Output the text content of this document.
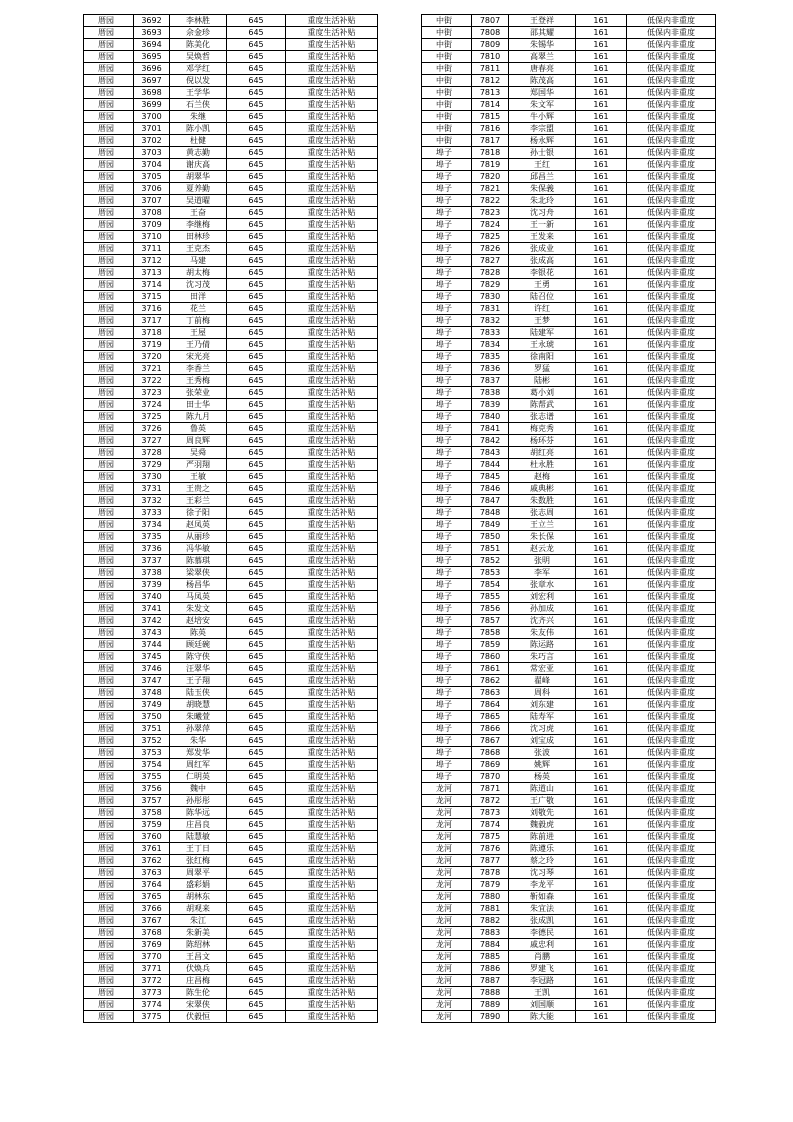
厝园	3692	李林胜	645	重度生活补贴
厝园	3693	佘金珍	645	重度生活补贴
厝园	3694	陈美化	645	重度生活补贴
厝园	3695	吴焕哲	645	重度生活补贴
厝园	3696	邓学红	645	重度生活补贴
厝园	3697	倪以发	645	重度生活补贴
厝园	3698	王学华	645	重度生活补贴
厝园	3699	石兰侠	645	重度生活补贴
厝园	3700	朱继	645	重度生活补贴
厝园	3701	陈小凯	645	重度生活补贴
厝园	3702	杜健	645	重度生活补贴
厝园	3703	黄志勤	645	重度生活补贴
厝园	3704	谢庆高	645	重度生活补贴
厝园	3705	胡翠华	645	重度生活补贴
厝园	3706	夏养勤	645	重度生活补贴
厝园	3707	吴道曜	645	重度生活补贴
厝园	3708	王奋	645	重度生活补贴
厝园	3709	李继梅	645	重度生活补贴
厝园	3710	田林珍	645	重度生活补贴
厝园	3711	王克杰	645	重度生活补贴
厝园	3712	马建	645	重度生活补贴
厝园	3713	胡太梅	645	重度生活补贴
厝园	3714	沈习茂	645	重度生活补贴
厝园	3715	田洋	645	重度生活补贴
厝园	3716	花兰	645	重度生活补贴
厝园	3717	丁前梅	645	重度生活补贴
厝园	3718	王屋	645	重度生活补贴
厝园	3719	王乃倩	645	重度生活补贴
厝园	3720	宋光亮	645	重度生活补贴
厝园	3721	李香兰	645	重度生活补贴
厝园	3722	王秀梅	645	重度生活补贴
厝园	3723	张荣业	645	重度生活补贴
厝园	3724	田士华	645	重度生活补贴
厝园	3725	陈九月	645	重度生活补贴
厝园	3726	鲁英	645	重度生活补贴
厝园	3727	周良辉	645	重度生活补贴
厝园	3728	吴舜	645	重度生活补贴
厝园	3729	严羽翔	645	重度生活补贴
厝园	3730	王敏	645	重度生活补贴
厝园	3731	王贵之	645	重度生活补贴
厝园	3732	王彩兰	645	重度生活补贴
厝园	3733	徐子阳	645	重度生活补贴
厝园	3734	赵凤英	645	重度生活补贴
厝园	3735	从丽珍	645	重度生活补贴
厝园	3736	冯华敏	645	重度生活补贴
厝园	3737	陈慕琪	645	重度生活补贴
厝园	3738	梁翠侠	645	重度生活补贴
厝园	3739	杨昌华	645	重度生活补贴
厝园	3740	马凤英	645	重度生活补贴
厝园	3741	朱发文	645	重度生活补贴
厝园	3742	赵培安	645	重度生活补贴
厝园	3743	陈英	645	重度生活补贴
厝园	3744	顾廷碗	645	重度生活补贴
厝园	3745	陈守侠	645	重度生活补贴
厝园	3746	汪翠华	645	重度生活补贴
厝园	3747	王子翔	645	重度生活补贴
厝园	3748	陆玉侠	645	重度生活补贴
厝园	3749	胡晓慧	645	重度生活补贴
厝园	3750	朱曦萱	645	重度生活补贴
厝园	3751	孙翠萍	645	重度生活补贴
厝园	3752	朱华	645	重度生活补贴
厝园	3753	郑发华	645	重度生活补贴
厝园	3754	周红军	645	重度生活补贴
厝园	3755	仁明英	645	重度生活补贴
厝园	3756	魏中	645	重度生活补贴
厝园	3757	孙彤彤	645	重度生活补贴
厝园	3758	陈华远	645	重度生活补贴
厝园	3759	庄昌良	645	重度生活补贴
厝园	3760	陆慧敏	645	重度生活补贴
厝园	3761	王丁日	645	重度生活补贴
厝园	3762	张红梅	645	重度生活补贴
厝园	3763	周翠平	645	重度生活补贴
厝园	3764	盛彩娟	645	重度生活补贴
厝园	3765	胡林东	645	重度生活补贴
厝园	3766	胡观来	645	重度生活补贴
厝园	3767	朱江	645	重度生活补贴
厝园	3768	朱新美	645	重度生活补贴
厝园	3769	陈绍林	645	重度生活补贴
厝园	3770	王昌文	645	重度生活补贴
厝园	3771	伏焕兵	645	重度生活补贴
厝园	3772	庄昌梅	645	重度生活补贴
厝园	3773	陈生伦	645	重度生活补贴
厝园	3774	宋翠侠	645	重度生活补贴
厝园	3775	伏毅恒	645	重度生活补贴
中街	7807	王登祥	161	低保内非重度
中街	7808	邵其耀	161	低保内非重度
中街	7809	朱锡华	161	低保内非重度
中街	7810	高翠兰	161	低保内非重度
中街	7811	唐春亮	161	低保内非重度
中街	7812	陈茂高	161	低保内非重度
中街	7813	郑国华	161	低保内非重度
中街	7814	朱文军	161	低保内非重度
中街	7815	牛小辉	161	低保内非重度
中街	7816	李宗盟	161	低保内非重度
中街	7817	杨永辉	161	低保内非重度
埠子	7818	孙士银	161	低保内非重度
埠子	7819	王红	161	低保内非重度
埠子	7820	邱昌兰	161	低保内非重度
埠子	7821	朱保義	161	低保内非重度
埠子	7822	朱北玲	161	低保内非重度
埠子	7823	沈习舟	161	低保内非重度
埠子	7824	王一新	161	低保内非重度
埠子	7825	王发来	161	低保内非重度
埠子	7826	张成业	161	低保内非重度
埠子	7827	张成高	161	低保内非重度
埠子	7828	李银花	161	低保内非重度
埠子	7829	王勇	161	低保内非重度
埠子	7830	陆召位	161	低保内非重度
埠子	7831	许红	161	低保内非重度
埠子	7832	王梦	161	低保内非重度
埠子	7833	陆建军	161	低保内非重度
埠子	7834	王永琥	161	低保内非重度
埠子	7835	徐南阳	161	低保内非重度
埠子	7836	罗猛	161	低保内非重度
埠子	7837	陆彬	161	低保内非重度
埠子	7838	葛小刘	161	低保内非重度
埠子	7839	陈帮武	161	低保内非重度
埠子	7840	张志谱	161	低保内非重度
埠子	7841	梅克秀	161	低保内非重度
埠子	7842	杨环芬	161	低保内非重度
埠子	7843	胡红亮	161	低保内非重度
埠子	7844	杜永胜	161	低保内非重度
埠子	7845	赵梅	161	低保内非重度
埠子	7846	戚典彬	161	低保内非重度
埠子	7847	朱数胜	161	低保内非重度
埠子	7848	张志周	161	低保内非重度
埠子	7849	王立兰	161	低保内非重度
埠子	7850	朱长保	161	低保内非重度
埠子	7851	赵云龙	161	低保内非重度
埠子	7852	张明	161	低保内非重度
埠子	7853	李军	161	低保内非重度
埠子	7854	张章水	161	低保内非重度
埠子	7855	刘宏利	161	低保内非重度
埠子	7856	孙加成	161	低保内非重度
埠子	7857	沈齐兴	161	低保内非重度
埠子	7858	朱友伟	161	低保内非重度
埠子	7859	陈运路	161	低保内非重度
埠子	7860	朱巧言	161	低保内非重度
埠子	7861	常宏亚	161	低保内非重度
埠子	7862	翟峰	161	低保内非重度
埠子	7863	周科	161	低保内非重度
埠子	7864	刘东建	161	低保内非重度
埠子	7865	陆寿军	161	低保内非重度
埠子	7866	沈习虎	161	低保内非重度
埠子	7867	刘宝成	161	低保内非重度
埠子	7868	张波	161	低保内非重度
埠子	7869	姚辉	161	低保内非重度
埠子	7870	杨英	161	低保内非重度
龙河	7871	陈道山	161	低保内非重度
龙河	7872	王广敬	161	低保内非重度
龙河	7873	刘敬先	161	低保内非重度
龙河	7874	魏毅虎	161	低保内非重度
龙河	7875	陈前进	161	低保内非重度
龙河	7876	陈遵乐	161	低保内非重度
龙河	7877	蔡之玲	161	低保内非重度
龙河	7878	沈习琴	161	低保内非重度
龙河	7879	李龙平	161	低保内非重度
龙河	7880	靳如森	161	低保内非重度
龙河	7881	朱宜法	161	低保内非重度
龙河	7882	张成凯	161	低保内非重度
龙河	7883	李德民	161	低保内非重度
龙河	7884	戚忠利	161	低保内非重度
龙河	7885	肖鹏	161	低保内非重度
龙河	7886	罗建飞	161	低保内非重度
龙河	7887	李冠路	161	低保内非重度
龙河	7888	王凯	161	低保内非重度
龙河	7889	刘国顺	161	低保内非重度
龙河	7890	陈大能	161	低保内非重度
